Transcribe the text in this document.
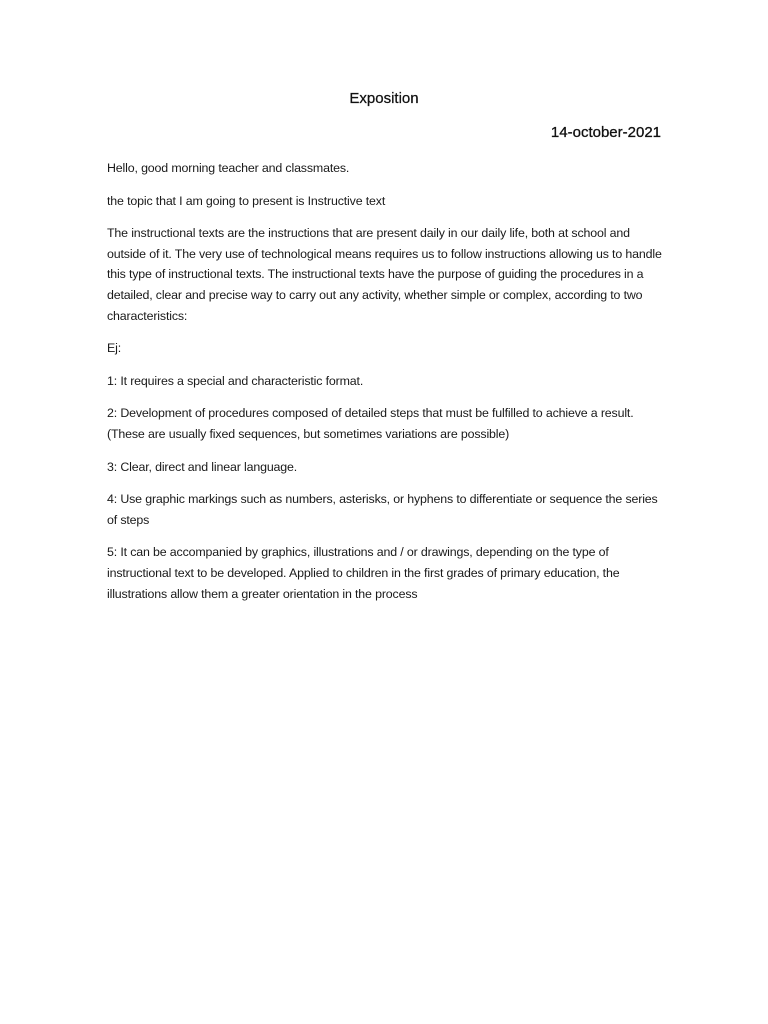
Exposition
14-october-2021

Hello, good morning teacher and classmates.

the topic that I am going to present is Instructive text

The instructional texts are the instructions that are present daily in our daily life, both at school and outside of it. The very use of technological means requires us to follow instructions allowing us to handle this type of instructional texts. The instructional texts have the purpose of guiding the procedures in a detailed, clear and precise way to carry out any activity, whether simple or complex, according to two characteristics:

Ej:

1: It requires a special and characteristic format.

2: Development of procedures composed of detailed steps that must be fulfilled to achieve a result. (These are usually fixed sequences, but sometimes variations are possible)

3: Clear, direct and linear language.

4: Use graphic markings such as numbers, asterisks, or hyphens to differentiate or sequence the series of steps

5: It can be accompanied by graphics, illustrations and / or drawings, depending on the type of instructional text to be developed. Applied to children in the first grades of primary education, the illustrations allow them a greater orientation in the process
